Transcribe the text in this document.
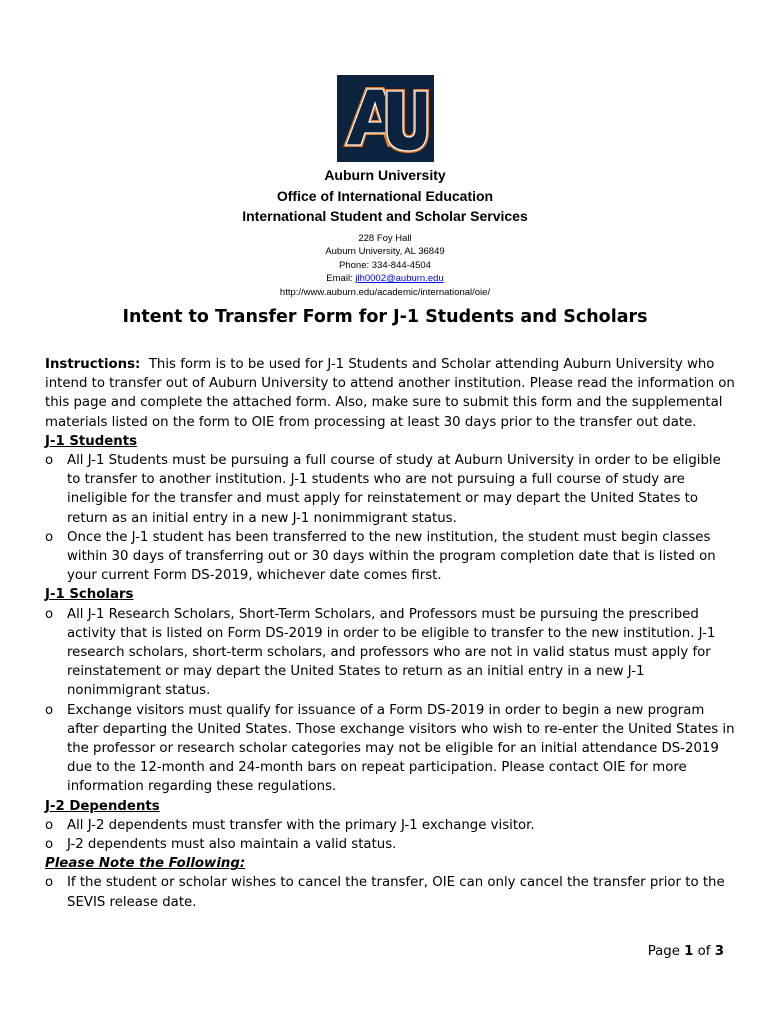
Auburn University
Office of International Education
International Student and Scholar Services
228 Foy Hall
Auburn University, AL 36849
Phone: 334-844-4504
Email: jlh0002@auburn.edu
http://www.auburn.edu/academic/international/oie/
Intent to Transfer Form for J-1 Students and Scholars

Instructions: This form is to be used for J-1 Students and Scholar attending Auburn University who intend to transfer out of Auburn University to attend another institution. Please read the information on this page and complete the attached form. Also, make sure to submit this form and the supplemental materials listed on the form to OIE from processing at least 30 days prior to the transfer out date.

J-1 Students
o All J-1 Students must be pursuing a full course of study at Auburn University in order to be eligible to transfer to another institution. J-1 students who are not pursuing a full course of study are ineligible for the transfer and must apply for reinstatement or may depart the United States to return as an initial entry in a new J-1 nonimmigrant status.
o Once the J-1 student has been transferred to the new institution, the student must begin classes within 30 days of transferring out or 30 days within the program completion date that is listed on your current Form DS-2019, whichever date comes first.
J-1 Scholars
o All J-1 Research Scholars, Short-Term Scholars, and Professors must be pursuing the prescribed activity that is listed on Form DS-2019 in order to be eligible to transfer to the new institution. J-1 research scholars, short-term scholars, and professors who are not in valid status must apply for reinstatement or may depart the United States to return as an initial entry in a new J-1 nonimmigrant status.
o Exchange visitors must qualify for issuance of a Form DS-2019 in order to begin a new program after departing the United States. Those exchange visitors who wish to re-enter the United States in the professor or research scholar categories may not be eligible for an initial attendance DS-2019 due to the 12-month and 24-month bars on repeat participation. Please contact OIE for more information regarding these regulations.
J-2 Dependents
o All J-2 dependents must transfer with the primary J-1 exchange visitor.
o J-2 dependents must also maintain a valid status.
Please Note the Following:
o If the student or scholar wishes to cancel the transfer, OIE can only cancel the transfer prior to the SEVIS release date.
Page 1 of 3
